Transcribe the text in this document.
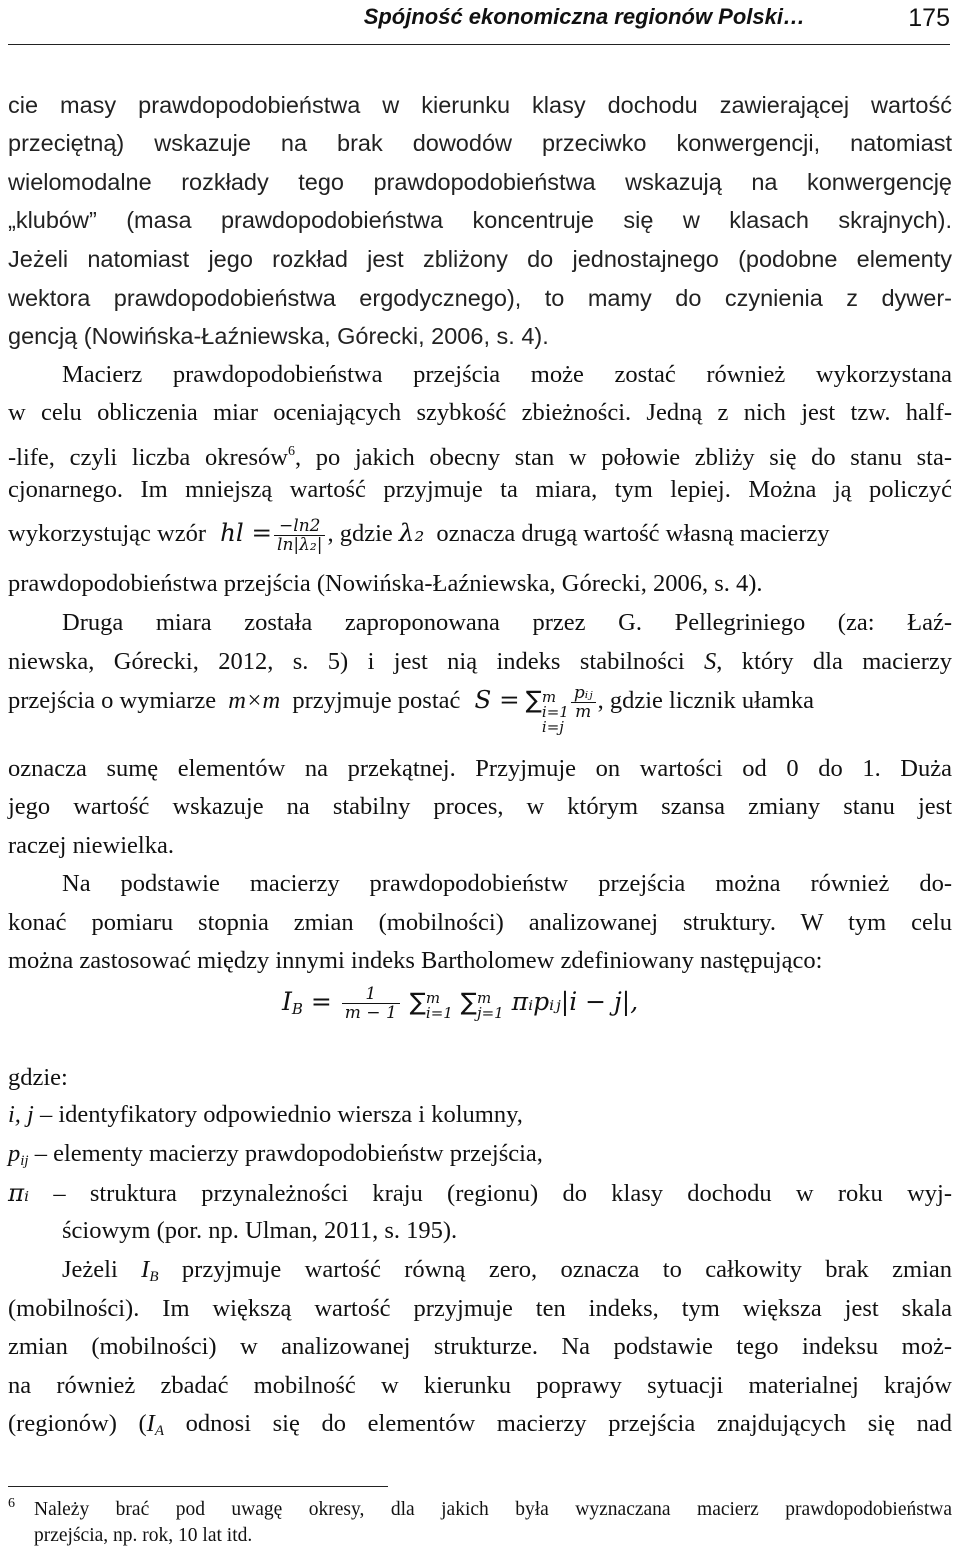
Spójność ekonomiczna regionów Polski…	175
cie masy prawdopodobieństwa w kierunku klasy dochodu zawierającej wartość
przeciętną) wskazuje na brak dowodów przeciwko konwergencji, natomiast
wielomodalne rozkłady tego prawdopodobieństwa wskazują na konwergencję
„klubów” (masa prawdopodobieństwa koncentruje się w klasach skrajnych).
Jeżeli natomiast jego rozkład jest zbliżony do jednostajnego (podobne elementy
wektora prawdopodobieństwa ergodycznego), to mamy do czynienia z dywer-
gencją (Nowińska-Łaźniewska, Górecki, 2006, s. 4).
Macierz prawdopodobieństwa przejścia może zostać również wykorzystana
w celu obliczenia miar oceniających szybkość zbieżności. Jedną z nich jest tzw. half-
-life, czyli liczba okresów$^6$, po jakich obecny stan w połowie zbliży się do stanu sta-
cjonarnego. Im mniejszą wartość przyjmuje ta miara, tym lepiej. Można ją policzyć
wykorzystując wzór hl = $\frac{-\ln 2}{\text{ln|λ₂|}}$ , gdzie λ₂ oznacza drugą wartość własną macierzy
prawdopodobieństwa przejścia (Nowińska-Łaźniewska, Górecki, 2006, s. 4).
Druga miara została zaproponowana przez G. Pellegriniego (za: Łaź-
niewska, Górecki, 2012, s. 5) i jest nią indeks stabilności S, który dla macierzy
przejścia o wymiarze m×m przyjmuje postać S = ∑ m
i=1
i=j
$\frac{\text{pᵢⱼ}}{m}$ , gdzie licznik ułamka
oznacza sumę elementów na przekątnej. Przyjmuje on wartości od 0 do 1. Duża
jego wartość wskazuje na stabilny proces, w którym szansa zmiany stanu jest
raczej niewielka.
Na podstawie macierzy prawdopodobieństw przejścia można również do-
konać pomiaru stopnia zmian (mobilności) analizowanej struktury. W tym celu
można zastosować między innymi indeks Bartholomew zdefiniowany następująco:
$I_B = \frac{1}{m - 1}$ ∑ m
i=1 ∑ m
j=1 πᵢpᵢⱼ|i − j|,
gdzie:
i, j – identyfikatory odpowiednio wiersza i kolumny,
$p_{ij}$ – elementy macierzy prawdopodobieństw przejścia,
πᵢ – struktura przynależności kraju (regionu) do klasy dochodu w roku wyj-
ściowym (por. np. Ulman, 2011, s. 195).
Jeżeli $I_B$ przyjmuje wartość równą zero, oznacza to całkowity brak zmian
(mobilności). Im większą wartość przyjmuje ten indeks, tym większa jest skala
zmian (mobilności) w analizowanej strukturze. Na podstawie tego indeksu moż-
na również zbadać mobilność w kierunku poprawy sytuacji materialnej krajów
(regionów) ($I_A$ odnosi się do elementów macierzy przejścia znajdujących się nad
6 Należy brać pod uwagę okresy, dla jakich była wyznaczana macierz prawdopodobieństwa
przejścia, np. rok, 10 lat itd.
